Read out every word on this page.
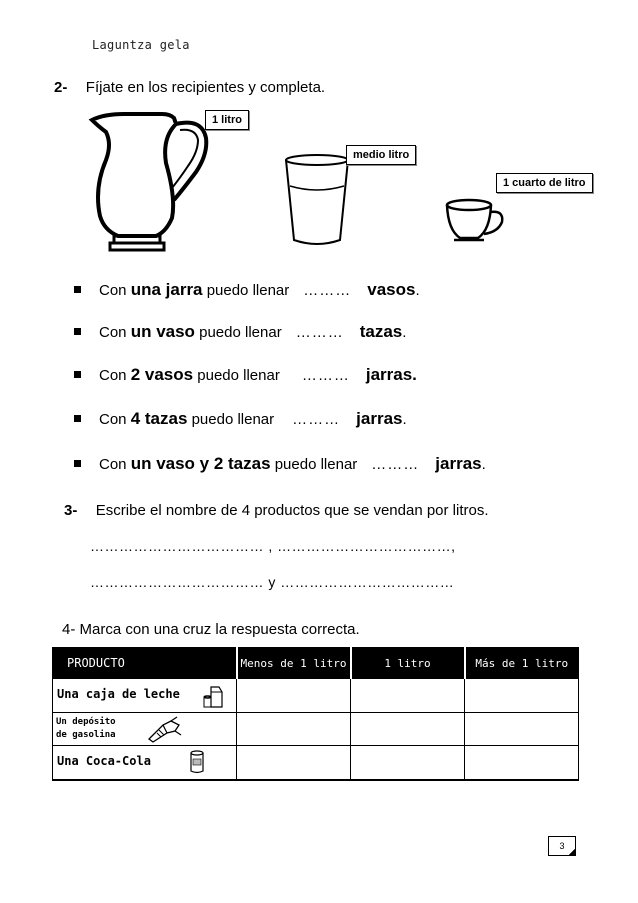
Laguntza gela
2- Fíjate en los recipientes y completa.
1 litro
medio litro
1 cuarto de litro
Con
una jarra
puedo llenar ……… vasos .
Con
un vaso
puedo llenar ……… tazas .
Con
2 vasos
puedo llenar ……… jarras.
Con
4 tazas
puedo llenar ……… jarras .
Con
un vaso y 2 tazas
puedo llenar ……… jarras .
3- Escribe el nombre de 4 productos que se vendan por litros.
……………………………… , ………………………………,
……………………………… y ………………………………
4- Marca con una cruz la respuesta correcta.
PRODUCTO	Menos de 1 litro	1 litro	Más de 1 litro

$_{Una caja de leche}$

Un depósito
de gasolina			

$_{Una Coca-Cola}$

3
